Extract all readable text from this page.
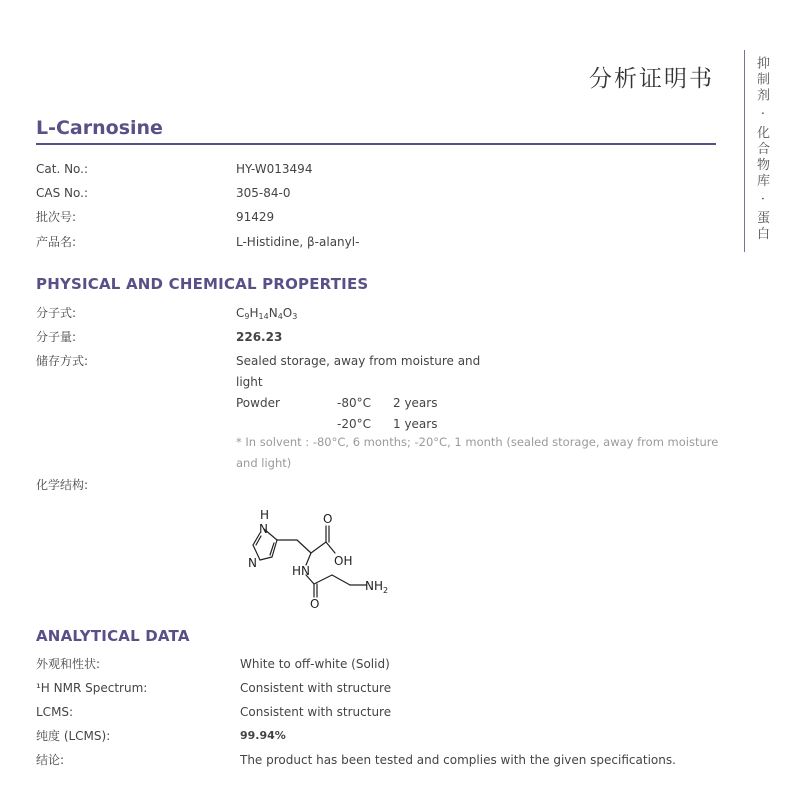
分析证明书	抑制剂 · 化合物库 · 蛋白
L-Carnosine
Cat. No.:	HY-W013494
CAS No.:	305-84-0
批次号:	91429
产品名:	L-Histidine, β-alanyl-
PHYSICAL AND CHEMICAL PROPERTIES
分子式:	$C_9H_{14}N_4O_3$
分子量:	226.23
储存方式:	Sealed storage, away from moisture and
light
Powder	-80°C 2 years
-20°C 1 years
* In solvent : -80°C, 6 months; -20°C, 1 month (sealed storage, away from moisture
and light)
化学结构:
H
N
N
O
OH
HN
O
$NH_2$
ANALYTICAL DATA
外观和性状:	White to off-white (Solid)
¹H NMR Spectrum:	Consistent with structure
LCMS:	Consistent with structure
纯度 (LCMS):	99.94%
结论:	The product has been tested and complies with the given specifications.
